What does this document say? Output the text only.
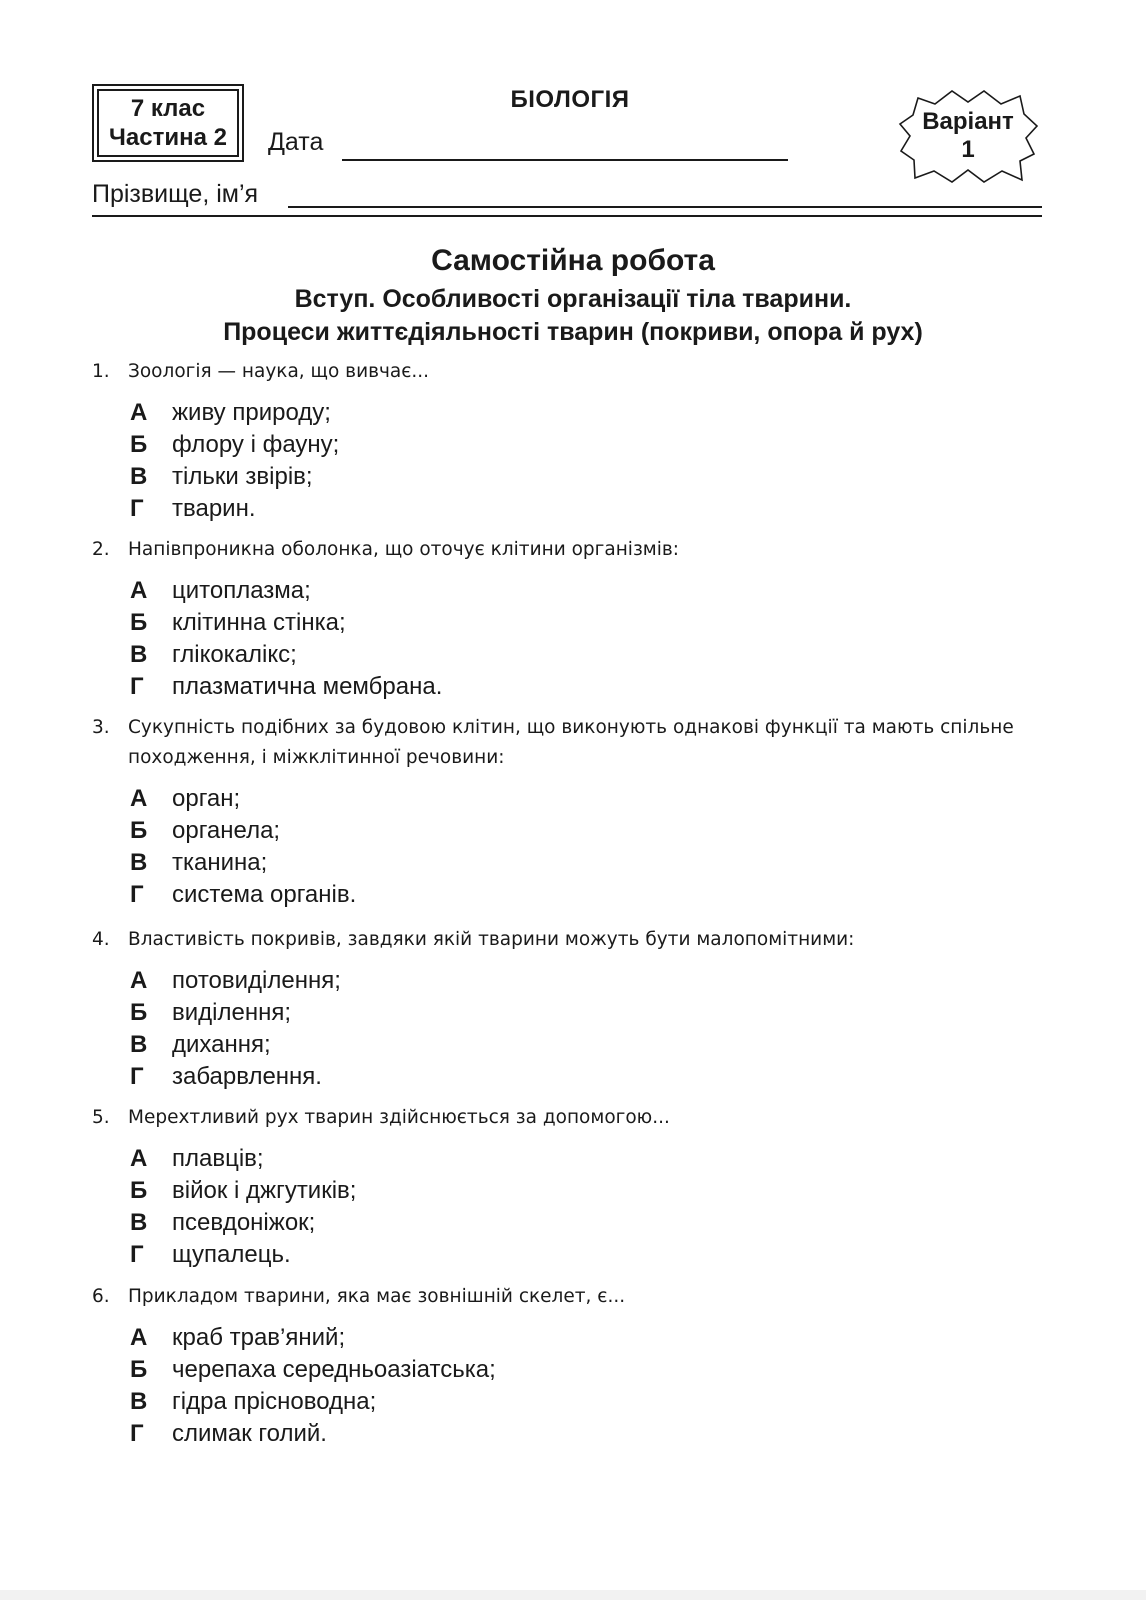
7 клас
Частина 2
БІОЛОГІЯ
Дата
Варіант
1
Прізвище, ім’я
Самостійна робота
Вступ. Особливості організації тіла тварини.
Процеси життєдіяльності тварин (покриви, опора й рух)
1. Зоологія — наука, що вивчає...
А живу природу;
Б флору і фауну;
В тільки звірів;
Г тварин.
2. Напівпроникна оболонка, що оточує клітини організмів:
А цитоплазма;
Б клітинна стінка;
В глікокалікс;
Г плазматична мембрана.
3. Сукупність подібних за будовою клітин, що виконують однакові функції та мають спільне походження, і міжклітинної речовини:
А орган;
Б органела;
В тканина;
Г система органів.
4. Властивість покривів, завдяки якій тварини можуть бути малопомітними:
А потовиділення;
Б виділення;
В дихання;
Г забарвлення.
5. Мерехтливий рух тварин здійснюється за допомогою...
А плавців;
Б війок і джгутиків;
В псевдоніжок;
Г щупалець.
6. Прикладом тварини, яка має зовнішній скелет, є...
А краб трав’яний;
Б черепаха середньоазіатська;
В гідра прісноводна;
Г слимак голий.
